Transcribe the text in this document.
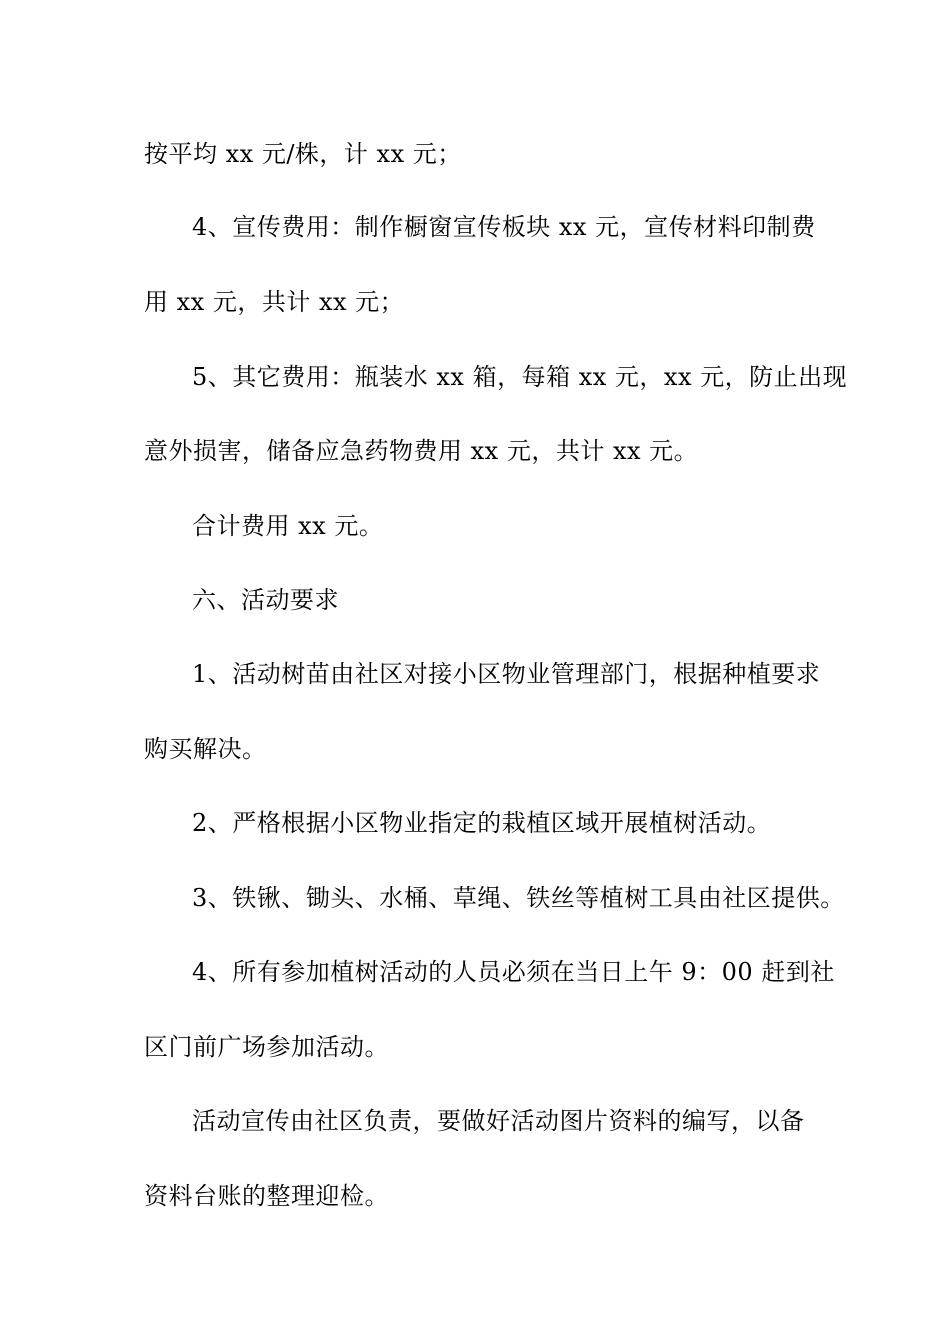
按平均 xx 元/株，计 xx 元；
4、宣传费用：制作橱窗宣传板块 xx 元，宣传材料印制费
用 xx 元，共计 xx 元；
5、其它费用：瓶装水 xx 箱，每箱 xx 元，xx 元，防止出现
意外损害，储备应急药物费用 xx 元，共计 xx 元。
合计费用 xx 元。
六、活动要求
1、活动树苗由社区对接小区物业管理部门，根据种植要求
购买解决。
2、严格根据小区物业指定的栽植区域开展植树活动。
3、铁锹、锄头、水桶、草绳、铁丝等植树工具由社区提供。
4、所有参加植树活动的人员必须在当日上午 9：00 赶到社
区门前广场参加活动。
活动宣传由社区负责，要做好活动图片资料的编写，以备
资料台账的整理迎检。
